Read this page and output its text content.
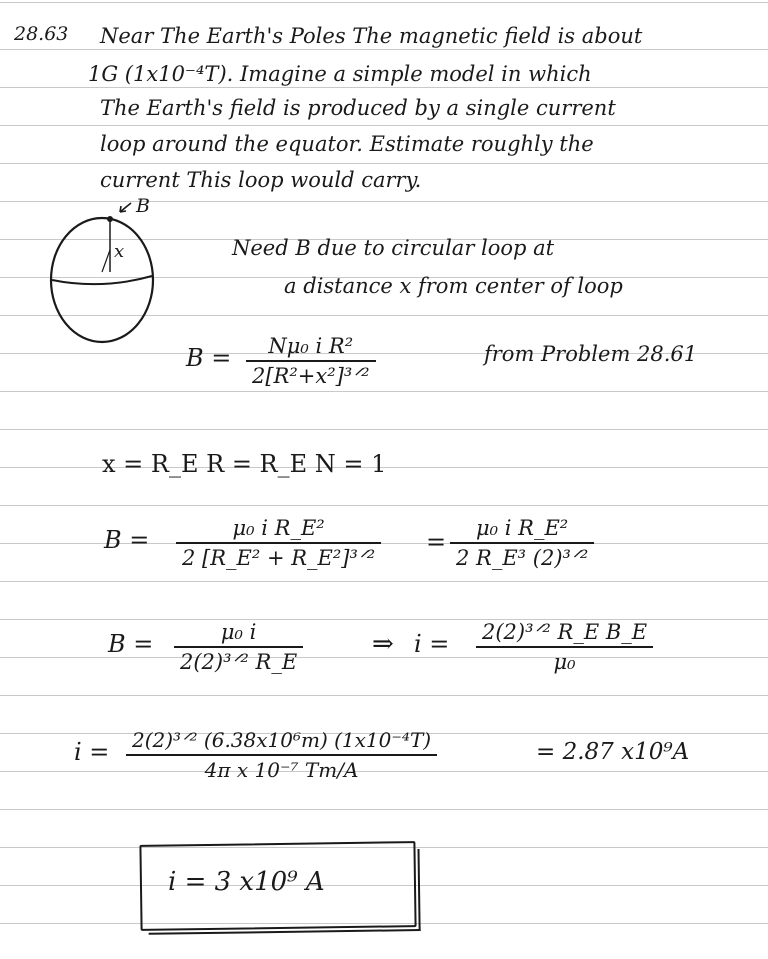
28.63 Near The Earth's Poles The magnetic field is about
1G (1x10⁻⁴T). Imagine a simple model in which
The Earth's field is produced by a single current
loop around the equator. Estimate roughly the
current This loop would carry.
B
x	Need B due to circular loop at
a distance x from center of loop
B = Nμ₀ i R²
2[R²+x²]³ᐟ²
from Problem 28.61
x = R_E R = R_E N = 1
B =	μ₀ i R_E²
2 [R_E² + R_E²]³ᐟ²
= μ₀ i R_E²
2 R_E³ (2)³ᐟ²
B =	μ₀ i
2(2)³ᐟ² R_E
⇒ i = 2(2)³ᐟ² R_E B_E
μ₀
i =	2(2)³ᐟ² (6.38x10⁶m) (1x10⁻⁴T)
4π x 10⁻⁷ Tm/A
= 2.87 x10⁹A
i = 3 x10⁹ A
